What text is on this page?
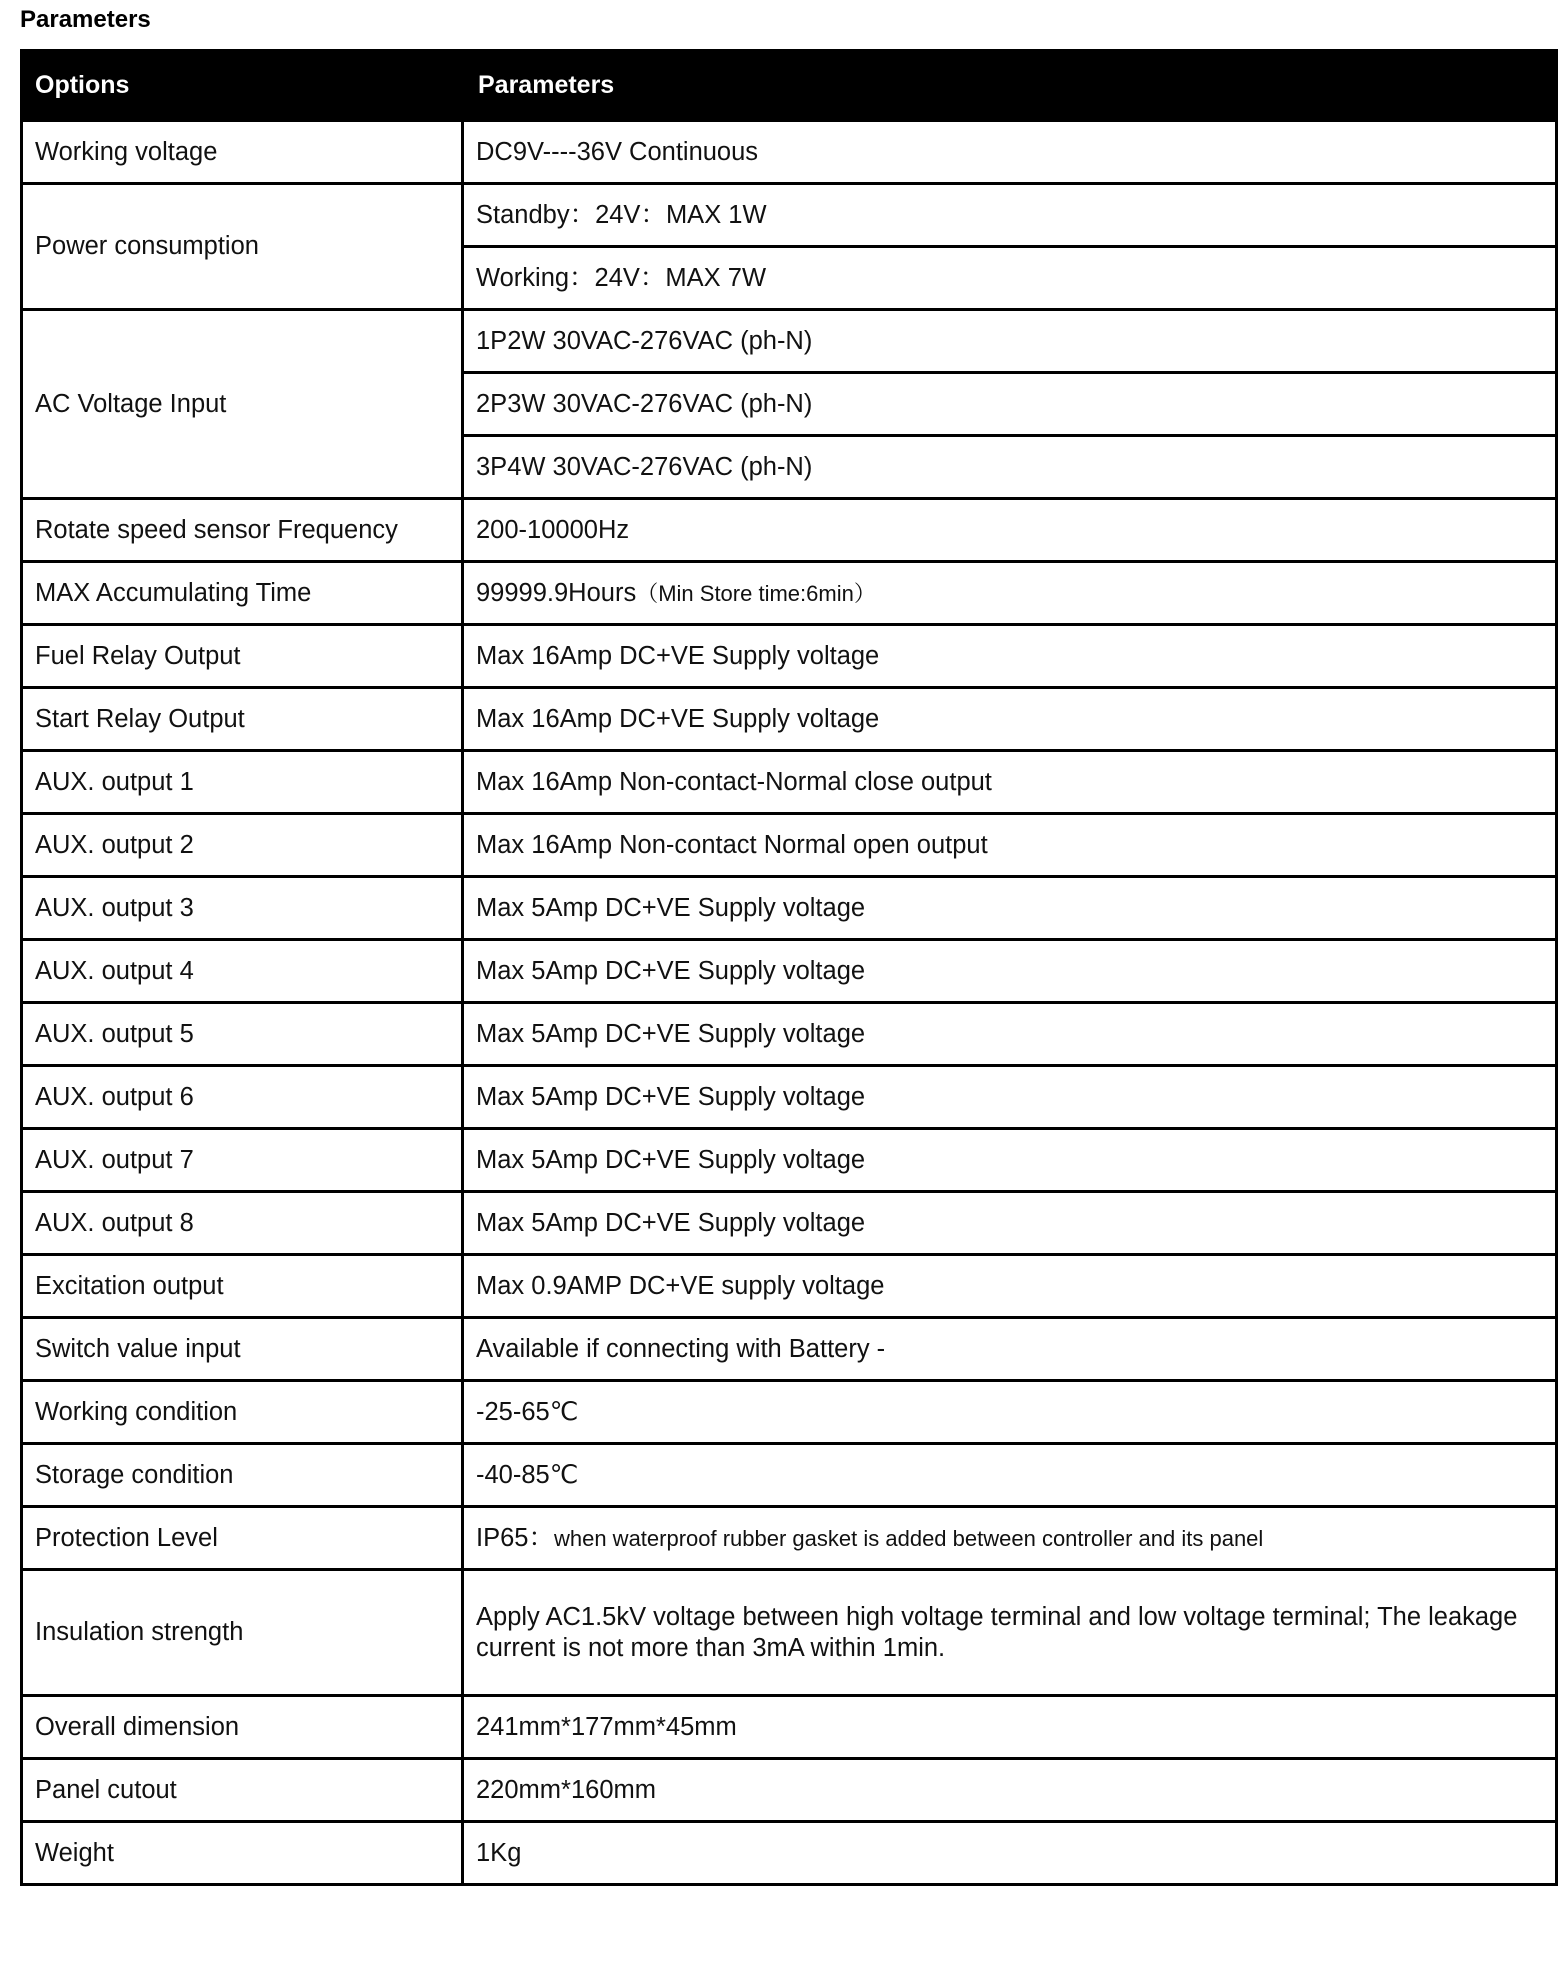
Parameters
Options	Parameters
Working voltage	DC9V----36V Continuous
Power consumption	Standby：24V：MAX 1W
	Working：24V：MAX 7W
AC Voltage Input	1P2W 30VAC-276VAC (ph-N)
	2P3W 30VAC-276VAC (ph-N)
	3P4W 30VAC-276VAC (ph-N)
Rotate speed sensor Frequency	200-10000Hz
MAX Accumulating Time	99999.9Hours（Min Store time:6min）
Fuel Relay Output	Max 16Amp DC+VE Supply voltage
Start Relay Output	Max 16Amp DC+VE Supply voltage
AUX. output 1	Max 16Amp Non-contact-Normal close output
AUX. output 2	Max 16Amp Non-contact Normal open output
AUX. output 3	Max 5Amp DC+VE Supply voltage
AUX. output 4	Max 5Amp DC+VE Supply voltage
AUX. output 5	Max 5Amp DC+VE Supply voltage
AUX. output 6	Max 5Amp DC+VE Supply voltage
AUX. output 7	Max 5Amp DC+VE Supply voltage
AUX. output 8	Max 5Amp DC+VE Supply voltage
Excitation output	Max 0.9AMP DC+VE supply voltage
Switch value input	Available if connecting with Battery -
Working condition	-25-65℃
Storage condition	-40-85℃
Protection Level	IP65：when waterproof rubber gasket is added between controller and its panel
Insulation strength	Apply AC1.5kV voltage between high voltage terminal and low voltage terminal; The leakage current is not more than 3mA within 1min.
Overall dimension	241mm*177mm*45mm
Panel cutout	220mm*160mm
Weight	1Kg
